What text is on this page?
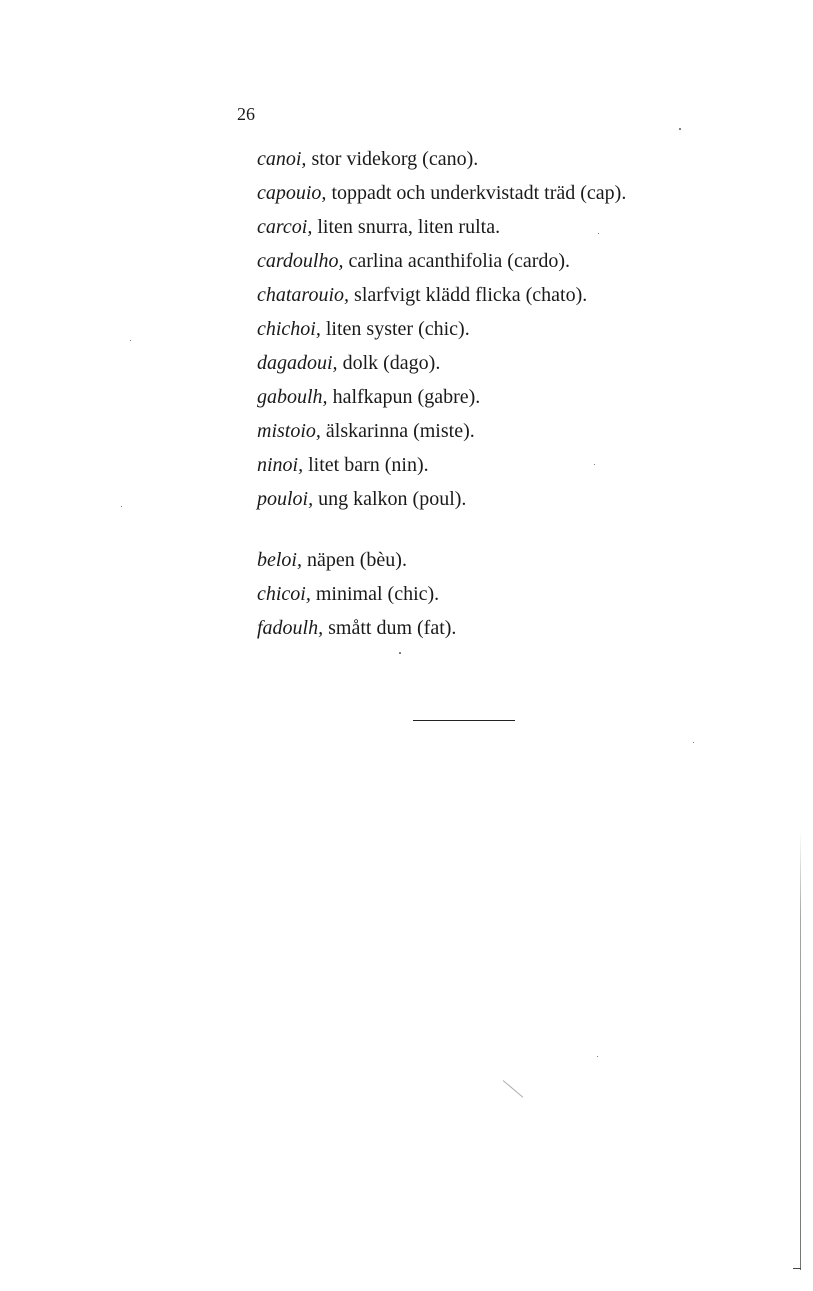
26
canoi, stor videkorg (cano).
capouio, toppadt och underkvistadt träd (cap).
carcoi, liten snurra, liten rulta.
cardoulho, carlina acanthifolia (cardo).
chatarouio, slarfvigt klädd flicka (chato).
chichoi, liten syster (chic).
dagadoui, dolk (dago).
gaboulh, halfkapun (gabre).
mistoio, älskarinna (miste).
ninoi, litet barn (nin).
pouloi, ung kalkon (poul).
beloi, näpen (bèu).
chicoi, minimal (chic).
fadoulh, smått dum (fat).
